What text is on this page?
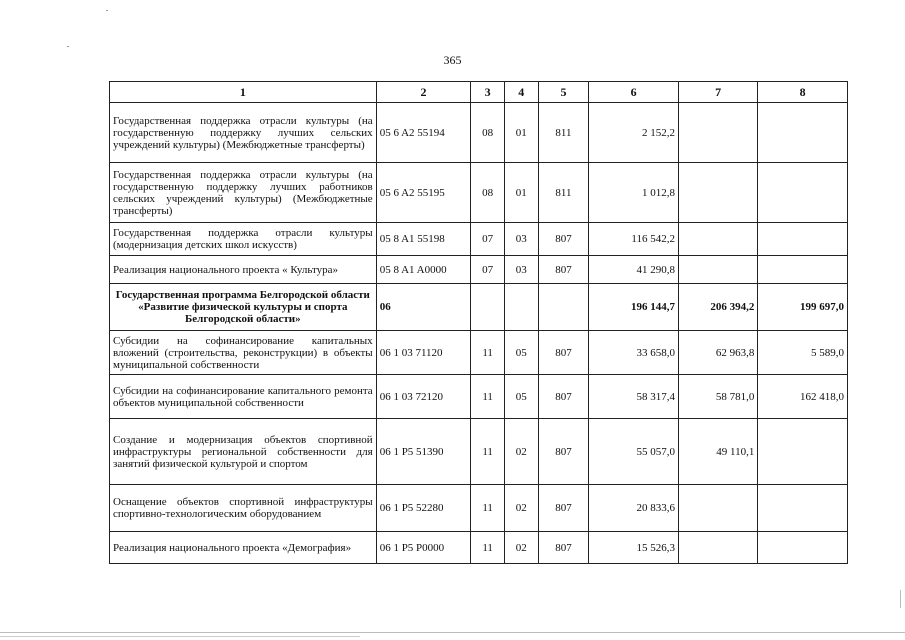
365
1	2	3	4	5	6	7	8
Государственная поддержка отрасли культуры (на государственную поддержку лучших сельских учреждений культуры) (Межбюджетные трансферты)	05 6 A2 55194	08	01	811	2 152,2		
Государственная поддержка отрасли культуры (на государственную поддержку лучших работников сельских учреждений культуры) (Межбюджетные трансферты)	05 6 A2 55195	08	01	811	1 012,8		
Государственная поддержка отрасли культуры (модернизация детских школ искусств)	05 8 A1 55198	07	03	807	116 542,2		
Реализация национального проекта « Культура»	05 8 A1 A0000	07	03	807	41 290,8		
Государственная программа Белгородской области «Развитие физической культуры и спорта Белгородской области»	06				196 144,7	206 394,2	199 697,0
Субсидии на софинансирование капитальных вложений (строительства, реконструкции) в объекты муниципальной собственности	06 1 03 71120	11	05	807	33 658,0	62 963,8	5 589,0
Субсидии на софинансирование капитального ремонта объектов муниципальной собственности	06 1 03 72120	11	05	807	58 317,4	58 781,0	162 418,0
Создание и модернизация объектов спортивной инфраструктуры региональной собственности для занятий физической культурой и спортом	06 1 P5 51390	11	02	807	55 057,0	49 110,1	
Оснащение объектов спортивной инфраструктуры спортивно-технологическим оборудованием	06 1 P5 52280	11	02	807	20 833,6		
Реализация национального проекта «Демография»	06 1 P5 P0000	11	02	807	15 526,3		
